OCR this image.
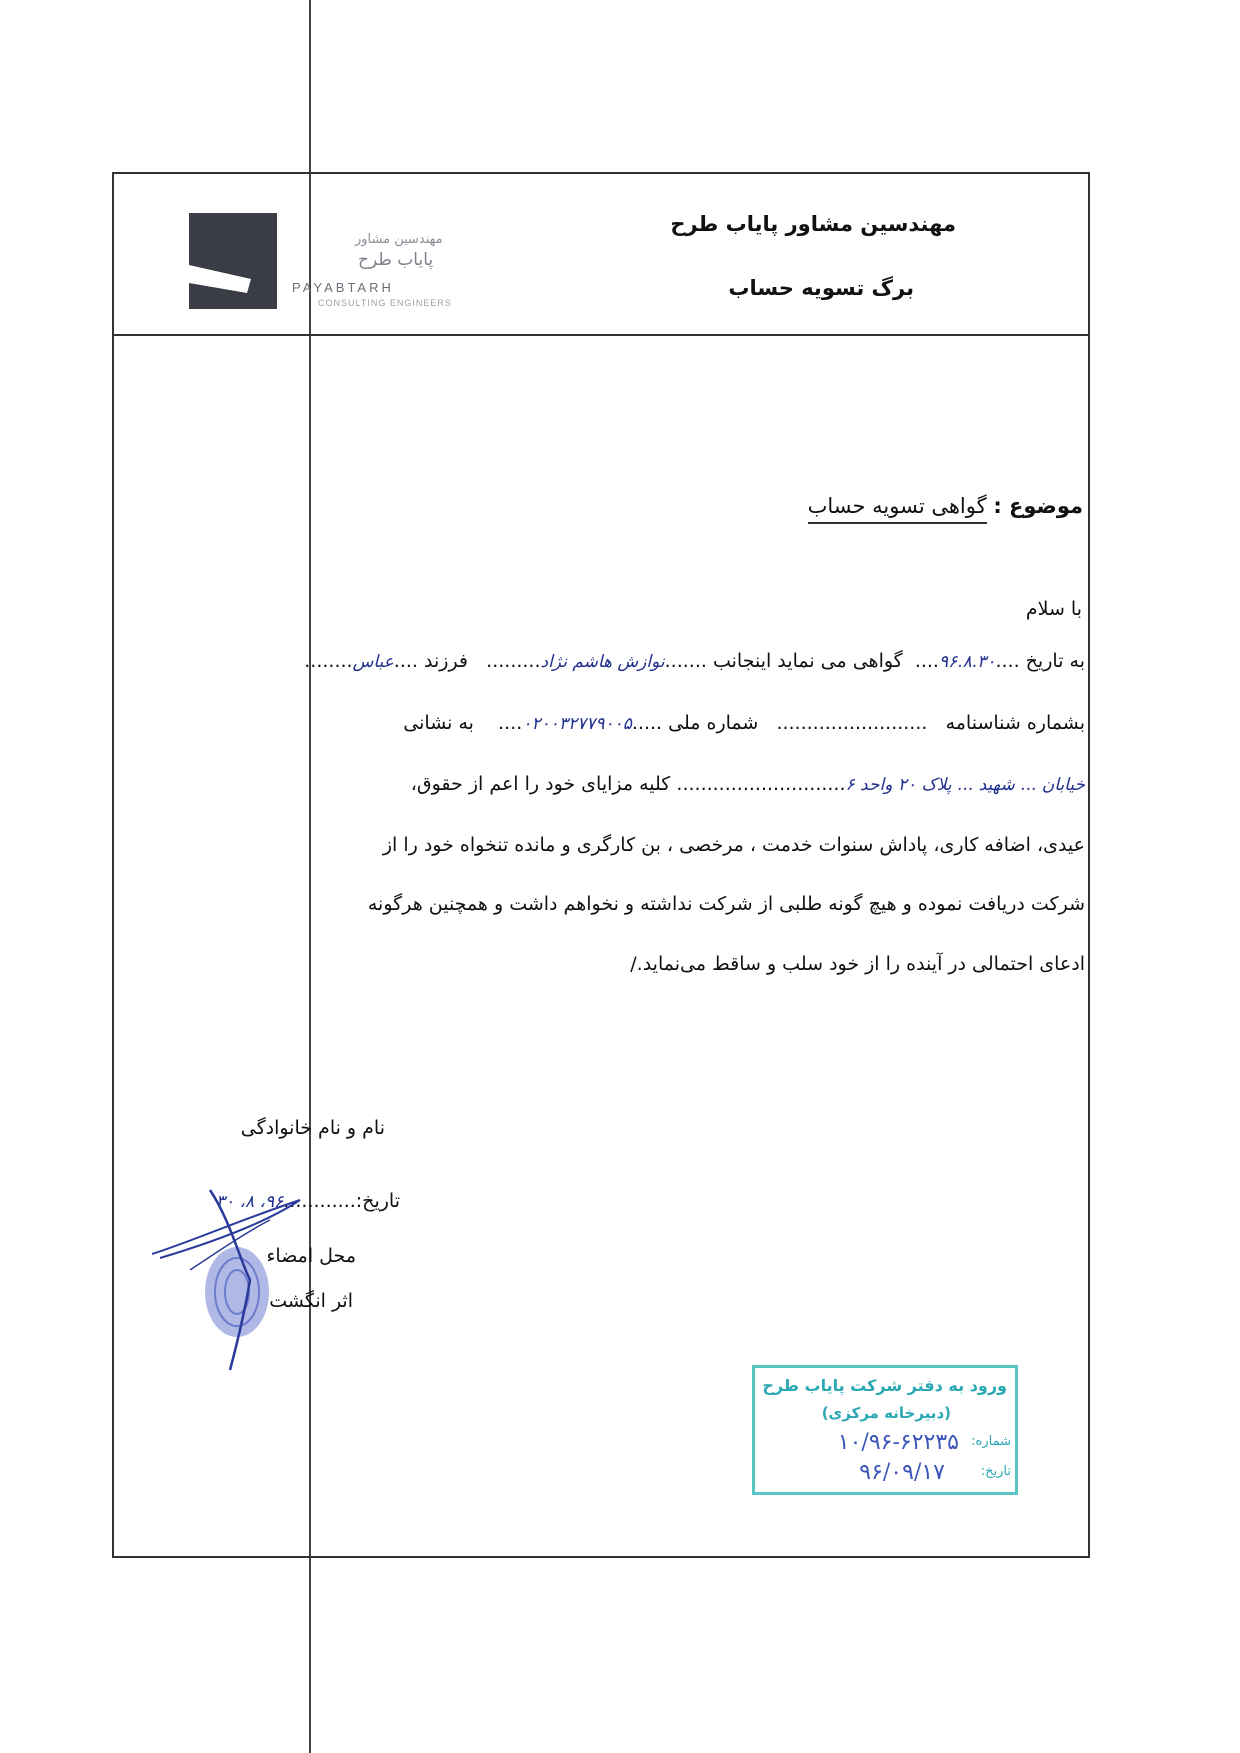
مهندسین مشاور
پایاب طرح
PAYABTARH
CONSULTING ENGINEERS
مهندسین مشاور پایاب طرح
برگ تسویه حساب
موضوع : گواهی تسویه حساب
با سلام
به تاریخ ....۹۶.۸.۳۰....  گواهی می نماید اینجانب .......نوازش هاشم نژاد.........   فرزند ....عباس........
بشماره شناسنامه   .........................   شماره ملی .....۰۲۰۰۳۲۷۷۹۰۰۵....    به نشانی
خیابان ... شهید ... پلاک ۲۰ واحد ۶............................ کلیه مزایای خود را اعم از حقوق،
عیدی، اضافه کاری، پاداش سنوات خدمت ، مرخصی ، بن کارگری و مانده تنخواه خود را از
شرکت دریافت نموده و هیچ گونه طلبی از شرکت نداشته و نخواهم داشت و همچنین هرگونه
ادعای احتمالی در آینده را از خود سلب و ساقط می‌نماید./
نام و نام خانوادگی
تاریخ:............۹۶، ۸، ۳۰
محل امضاء
اثر انگشت
ورود به دفتر شرکت پایاب طرح
(دبیرخانه مرکزی)
شماره:
۱۰/۹۶-۶۲۲۳۵
تاریخ:
۹۶/۰۹/۱۷
